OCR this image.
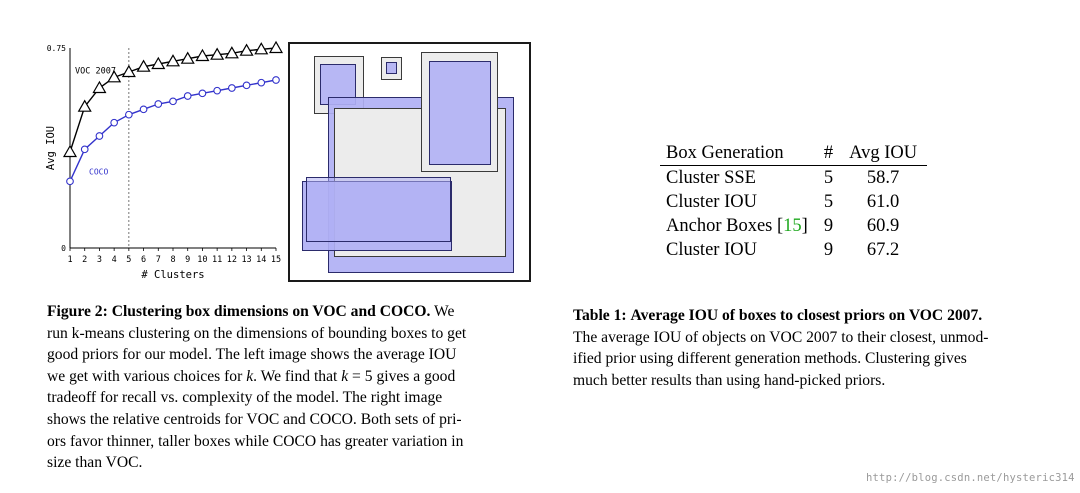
0.75
0
1 2 3 4 5 6 7 8 9 10 11 12 13 14 15
# Clusters
Avg IOU
VOC 2007
COCO
Figure 2: Clustering box dimensions on VOC and COCO. We
run k-means clustering on the dimensions of bounding boxes to get
good priors for our model. The left image shows the average IOU
we get with various choices for k. We find that k = 5 gives a good
tradeoff for recall vs. complexity of the model. The right image
shows the relative centroids for VOC and COCO. Both sets of pri-
ors favor thinner, taller boxes while COCO has greater variation in
size than VOC.
Box Generation	#	Avg IOU
Cluster SSE	5	58.7
Cluster IOU	5	61.0
Anchor Boxes [15]	9	60.9
Cluster IOU	9	67.2
Table 1: Average IOU of boxes to closest priors on VOC 2007.
The average IOU of objects on VOC 2007 to their closest, unmod-
ified prior using different generation methods. Clustering gives
much better results than using hand-picked priors.
http://blog.csdn.net/hysteric314
